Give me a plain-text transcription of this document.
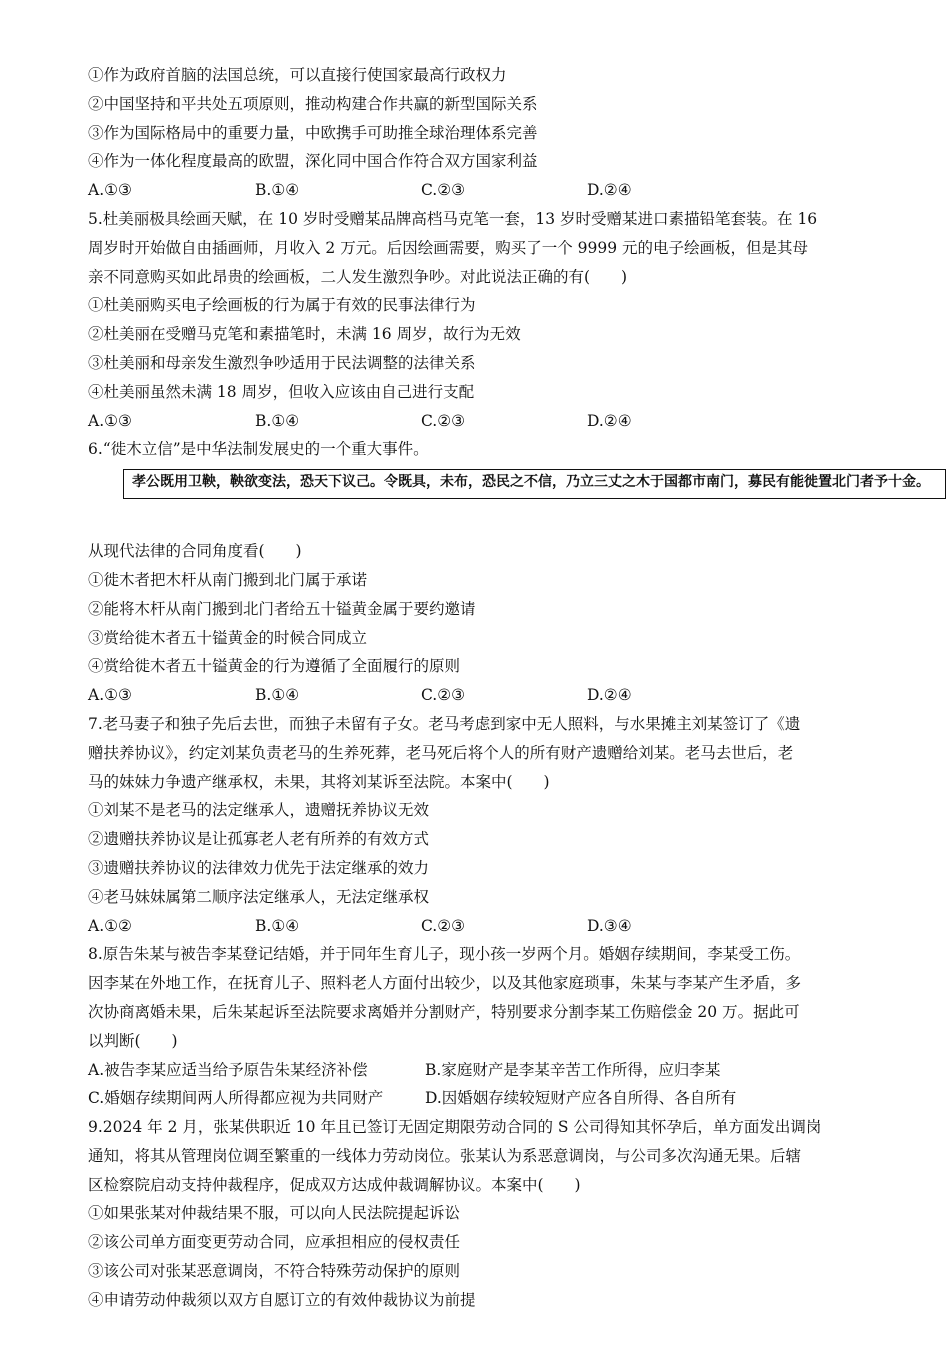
①作为政府首脑的法国总统，可以直接行使国家最高行政权力
②中国坚持和平共处五项原则，推动构建合作共赢的新型国际关系
③作为国际格局中的重要力量，中欧携手可助推全球治理体系完善
④作为一体化程度最高的欧盟，深化同中国合作符合双方国家利益
A.①③	B.①④	C.②③	D.②④
5.杜美丽极具绘画天赋，在 10 岁时受赠某品牌高档马克笔一套，13 岁时受赠某进口素描铅笔套装。在 16
周岁时开始做自由插画师，月收入 2 万元。后因绘画需要，购买了一个 9999 元的电子绘画板，但是其母
亲不同意购买如此昂贵的绘画板，二人发生激烈争吵。对此说法正确的有(　　)
①杜美丽购买电子绘画板的行为属于有效的民事法律行为
②杜美丽在受赠马克笔和素描笔时，未满 16 周岁，故行为无效
③杜美丽和母亲发生激烈争吵适用于民法调整的法律关系
④杜美丽虽然未满 18 周岁，但收入应该由自己进行支配
A.①③	B.①④	C.②③	D.②④
6.“徙木立信”是中华法制发展史的一个重大事件。
孝公既用卫鞅，鞅欲变法，恐天下议己。令既具，未布，恐民之不信，乃立三丈之木于国都市南门，募民有能徙置北门者予十金。
从现代法律的合同角度看(　　)
①徙木者把木杆从南门搬到北门属于承诺
②能将木杆从南门搬到北门者给五十镒黄金属于要约邀请
③赏给徙木者五十镒黄金的时候合同成立
④赏给徙木者五十镒黄金的行为遵循了全面履行的原则
A.①③	B.①④	C.②③	D.②④
7.老马妻子和独子先后去世，而独子未留有子女。老马考虑到家中无人照料，与水果摊主刘某签订了《遗
赠扶养协议》，约定刘某负责老马的生养死葬，老马死后将个人的所有财产遗赠给刘某。老马去世后，老
马的妹妹力争遗产继承权，未果，其将刘某诉至法院。本案中(　　)
①刘某不是老马的法定继承人，遗赠抚养协议无效
②遗赠扶养协议是让孤寡老人老有所养的有效方式
③遗赠扶养协议的法律效力优先于法定继承的效力
④老马妹妹属第二顺序法定继承人，无法定继承权
A.①②	B.①④	C.②③	D.③④
8.原告朱某与被告李某登记结婚，并于同年生育儿子，现小孩一岁两个月。婚姻存续期间，李某受工伤。
因李某在外地工作，在抚育儿子、照料老人方面付出较少，以及其他家庭琐事，朱某与李某产生矛盾，多
次协商离婚未果，后朱某起诉至法院要求离婚并分割财产，特别要求分割李某工伤赔偿金 20 万。据此可
以判断(　　)
A.被告李某应适当给予原告朱某经济补偿	B.家庭财产是李某辛苦工作所得，应归李某
C.婚姻存续期间两人所得都应视为共同财产	D.因婚姻存续较短财产应各自所得、各自所有
9.2024 年 2 月，张某供职近 10 年且已签订无固定期限劳动合同的 S 公司得知其怀孕后，单方面发出调岗
通知，将其从管理岗位调至繁重的一线体力劳动岗位。张某认为系恶意调岗，与公司多次沟通无果。后辖
区检察院启动支持仲裁程序，促成双方达成仲裁调解协议。本案中(　　)
①如果张某对仲裁结果不服，可以向人民法院提起诉讼
②该公司单方面变更劳动合同，应承担相应的侵权责任
③该公司对张某恶意调岗，不符合特殊劳动保护的原则
④申请劳动仲裁须以双方自愿订立的有效仲裁协议为前提
